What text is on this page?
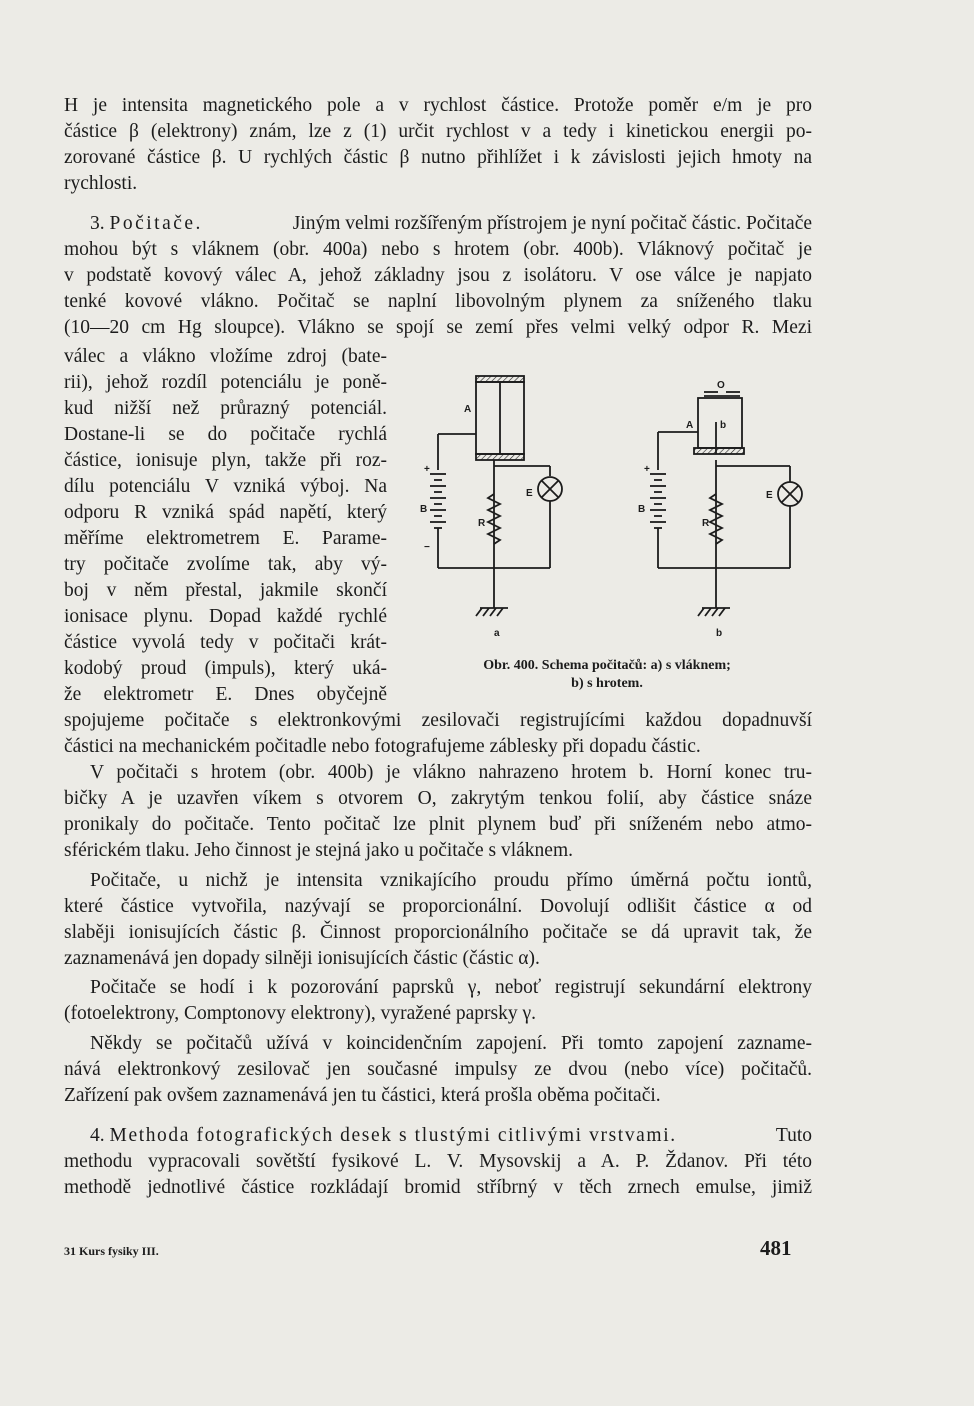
H je intensita magnetického pole a v rychlost částice. Protože poměr e/m je pro
částice β (elektrony) znám, lze z (1) určit rychlost v a tedy i kinetickou energii po-
zorované částice β. U rychlých částic β nutno přihlížet i k závislosti jejich hmoty na
rychlosti.
3. Počitače.	Jiným velmi rozšířeným přístrojem je nyní počitač částic. Počitače
mohou být s vláknem (obr. 400a) nebo s hrotem (obr. 400b). Vláknový počitač je
v podstatě kovový válec A, jehož základny jsou z isolátoru. V ose válce je napjato
tenké kovové vlákno. Počitač se naplní libovolným plynem za sníženého tlaku
(10—20 cm Hg sloupce). Vlákno se spojí se zemí přes velmi velký odpor R. Mezi
válec a vlákno vložíme zdroj (bate-
rii), jehož rozdíl potenciálu je poně-
kud nižší než průrazný potenciál.
Dostane-li se do počitače rychlá
částice, ionisuje plyn, takže při roz-
dílu potenciálu V vzniká výboj. Na
odporu R vzniká spád napětí, který
měříme elektrometrem E. Parame-
try počitače zvolíme tak, aby vý-
boj v něm přestal, jakmile skončí
ionisace plynu. Dopad každé rychlé
částice vyvolá tedy v počitači krát-
kodobý proud (impuls), který uká-
že elektrometr E. Dnes obyčejně
spojujeme počitače s elektronkovými zesilovači registrujícími každou dopadnuvší
částici na mechanickém počitadle nebo fotografujeme záblesky při dopadu částic.
V počitači s hrotem (obr. 400b) je vlákno nahrazeno hrotem b. Horní konec tru-
bičky A je uzavřen víkem s otvorem O, zakrytým tenkou folií, aby částice snáze
pronikaly do počitače. Tento počitač lze plnit plynem buď při sníženém nebo atmo-
sférickém tlaku. Jeho činnost je stejná jako u počitače s vláknem.
Počitače, u nichž je intensita vznikajícího proudu přímo úměrná počtu iontů,
které částice vytvořila, nazývají se proporcionální. Dovolují odlišit částice α od
slaběji ionisujících částic β. Činnost proporcionálního počitače se dá upravit tak, že
zaznamenává jen dopady silněji ionisujících částic (částic α).
Počitače se hodí i k pozorování paprsků γ, neboť registrují sekundární elektrony
(fotoelektrony, Comptonovy elektrony), vyražené paprsky γ.
Někdy se počitačů užívá v koincidenčním zapojení. Při tomto zapojení zazname-
nává elektronkový zesilovač jen současné impulsy ze dvou (nebo více) počitačů.
Zařízení pak ovšem zaznamenává jen tu částici, která prošla oběma počitači.
4. Methoda fotografických desek s tlustými citlivými vrstvami.	Tuto
methodu vypracovali sovětští fysikové L. V. Mysovskij a A. P. Ždanov. Při této
methodě jednotlivé částice rozkládají bromid stříbrný v těch zrnech emulse, jimiž
A
+
B
−
R
E
a
O
A	b
+
B
R
E
b
Obr. 400. Schema počitačů: a) s vláknem;
b) s hrotem.
31 Kurs fysiky III.	481
